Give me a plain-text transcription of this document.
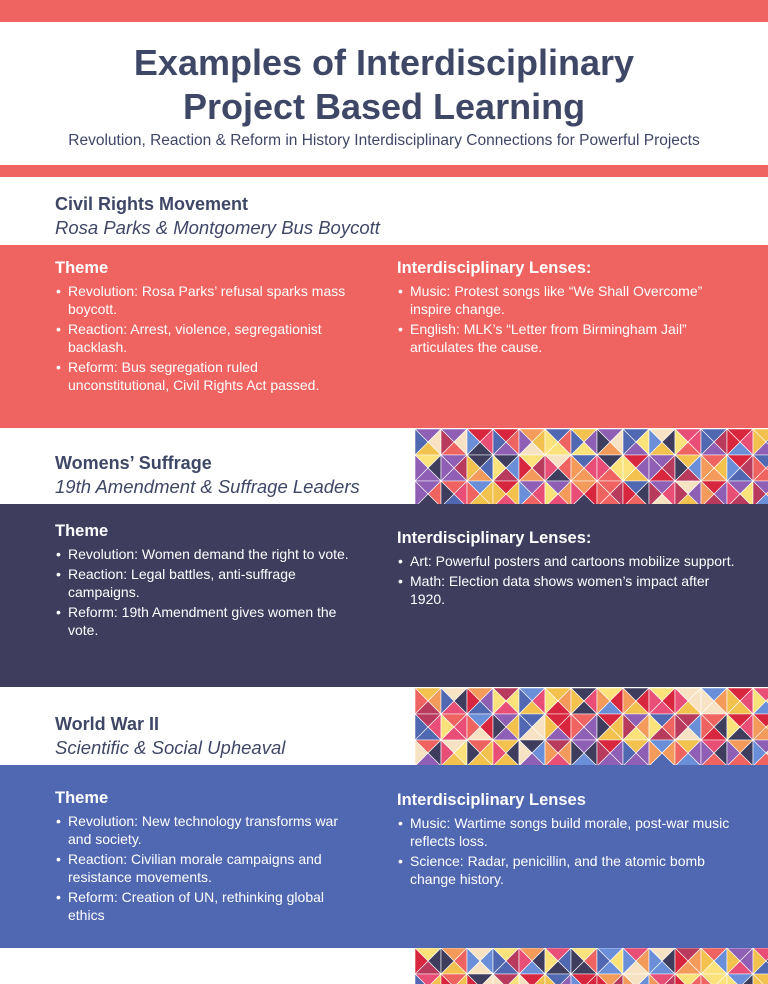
Examples of Interdisciplinary
Project Based Learning

Revolution, Reaction & Reform in History Interdisciplinary Connections for Powerful Projects

Civil Rights Movement
Rosa Parks & Montgomery Bus Boycott
Theme
• Revolution: Rosa Parks’ refusal sparks mass boycott.
• Reaction: Arrest, violence, segregationist backlash.
• Reform: Bus segregation ruled unconstitutional, Civil Rights Act passed.
Interdisciplinary Lenses:
• Music: Protest songs like “We Shall Overcome” inspire change.
• English: MLK’s “Letter from Birmingham Jail” articulates the cause.
Womens’ Suffrage
19th Amendment & Suffrage Leaders
Theme
• Revolution: Women demand the right to vote.
• Reaction: Legal battles, anti-suffrage campaigns.
• Reform: 19th Amendment gives women the vote.
Interdisciplinary Lenses:
• Art: Powerful posters and cartoons mobilize support.
• Math: Election data shows women’s impact after 1920.
World War II
Scientific & Social Upheaval
Theme
• Revolution: New technology transforms war and society.
• Reaction: Civilian morale campaigns and resistance movements.
• Reform: Creation of UN, rethinking global ethics
Interdisciplinary Lenses
• Music: Wartime songs build morale, post-war music reflects loss.
• Science: Radar, penicillin, and the atomic bomb change history.
